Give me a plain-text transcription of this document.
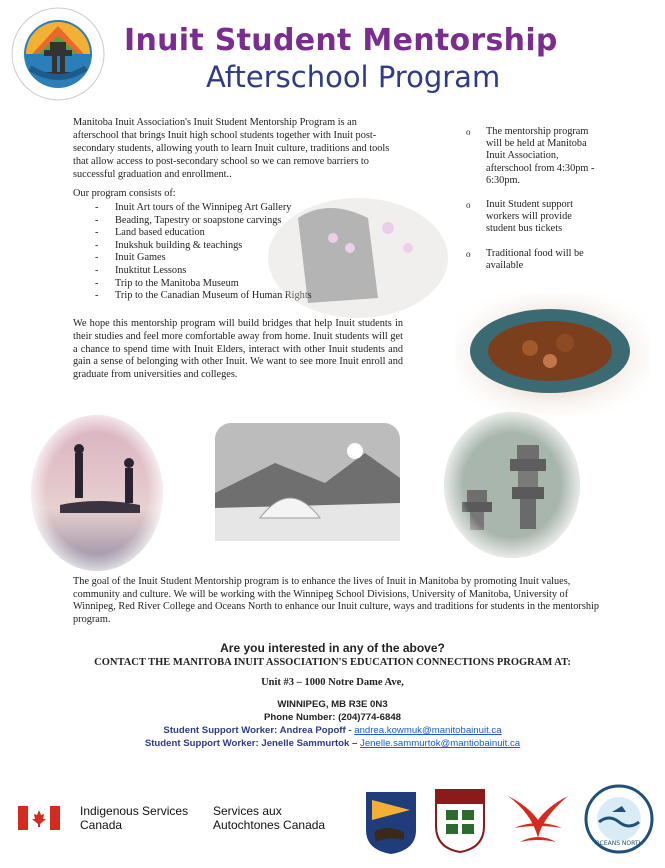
Inuit Student Mentorship
Afterschool Program
Manitoba Inuit Association's Inuit Student Mentorship Program is an afterschool that brings Inuit high school students together with Inuit post-secondary students, allowing youth to learn Inuit culture, traditions and tools that allow access to post-secondary school so we can remove barriers to successful graduation and enrollment..
Our program consists of:
- Inuit Art tours of the Winnipeg Art Gallery
- Beading, Tapestry or soapstone carvings
- Land based education
- Inukshuk building & teachings
- Inuit Games
- Inuktitut Lessons
- Trip to the Manitoba Museum
- Trip to the Canadian Museum of Human Rights
We hope this mentorship program will build bridges that help Inuit students in their studies and feel more comfortable away from home. Inuit students will get a chance to spend time with Inuit Elders, interact with other Inuit students and gain a sense of belonging with other Inuit. We want to see more Inuit enroll and graduate from universities and colleges.
o The mentorship program will be held at Manitoba Inuit Association, afterschool from 4:30pm - 6:30pm.
o Inuit Student support workers will provide student bus tickets
o Traditional food will be available
The goal of the Inuit Student Mentorship program is to enhance the lives of Inuit in Manitoba by promoting Inuit values, community and culture. We will be working with the Winnipeg School Divisions, University of Manitoba, University of Winnipeg, Red River College and Oceans North to enhance our Inuit culture, ways and traditions for students in the mentorship program.
Are you interested in any of the above?
CONTACT THE MANITOBA INUIT ASSOCIATION'S EDUCATION CONNECTIONS PROGRAM AT:
Unit #3 – 1000 Notre Dame Ave,
WINNIPEG, MB R3E 0N3
Phone Number: (204)774-6848
Student Support Worker: Andrea Popoff - andrea.kowmuk@manitobainuit.ca
Student Support Worker: Jenelle Sammurtok – Jenelle.sammurtok@mantiobainuit.ca
Indigenous Services
Canada
Services aux
Autochtones Canada
OCEANS NORTH
